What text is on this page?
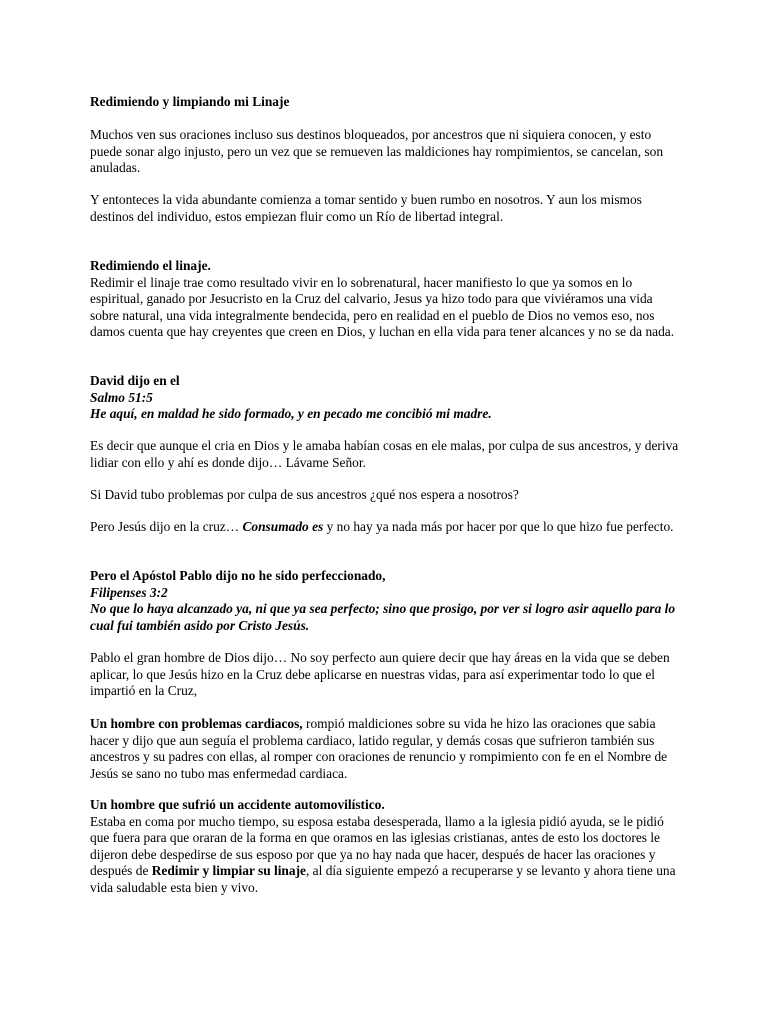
Redimiendo y limpiando mi Linaje

Muchos ven sus oraciones incluso sus destinos bloqueados, por ancestros que ni siquiera conocen, y esto puede sonar algo injusto, pero un vez que se remueven las maldiciones hay rompimientos, se cancelan, son anuladas.

Y entonteces la vida abundante comienza a tomar sentido y buen rumbo en nosotros. Y aun los mismos destinos del individuo, estos empiezan fluir como un Río de libertad integral.

Redimiendo el linaje.
Redimir el linaje trae como resultado vivir en lo sobrenatural, hacer manifiesto lo que ya somos en lo espiritual, ganado por Jesucristo en la Cruz del calvario, Jesus ya hizo todo para que viviéramos una vida sobre natural, una vida integralmente bendecida, pero en realidad en el pueblo de Dios no vemos eso, nos damos cuenta que hay creyentes que creen en Dios, y luchan en ella vida para tener alcances y no se da nada.
David dijo en el
Salmo 51:5
He aquí, en maldad he sido formado, y en pecado me concibió mi madre.

Es decir que aunque el cria en Dios y le amaba habían cosas en ele malas, por culpa de sus ancestros, y deriva lidiar con ello y ahí es donde dijo… Lávame Señor.

Si David tubo problemas por culpa de sus ancestros ¿qué nos espera a nosotros?

Pero Jesús dijo en la cruz… Consumado es y no hay ya nada más por hacer por que lo que hizo fue perfecto.

Pero el Apóstol Pablo dijo no he sido perfeccionado,
Filipenses 3:2
No que lo haya alcanzado ya, ni que ya sea perfecto; sino que prosigo, por ver si logro asir aquello para lo cual fui también asido por Cristo Jesús.

Pablo el gran hombre de Dios dijo… No soy perfecto aun quiere decir que hay áreas en la vida que se deben aplicar, lo que Jesús hizo en la Cruz debe aplicarse en nuestras vidas, para así experimentar todo lo que el impartió en la Cruz,

Un hombre con problemas cardiacos, rompió maldiciones sobre su vida he hizo las oraciones que sabia hacer y dijo que aun seguía el problema cardiaco, latido regular, y demás cosas que sufrieron también sus ancestros y su padres con ellas, al romper con oraciones de renuncio y rompimiento con fe en el Nombre de Jesús se sano no tubo mas enfermedad cardiaca.

Un hombre que sufrió un accidente automovilístico.
Estaba en coma por mucho tiempo, su esposa estaba desesperada, llamo a la iglesia pidió ayuda, se le pidió que fuera para que oraran de la forma en que oramos en las iglesias cristianas, antes de esto los doctores le dijeron debe despedirse de sus esposo por que ya no hay nada que hacer, después de hacer las oraciones y después de Redimir y limpiar su linaje, al día siguiente empezó a recuperarse y se levanto y ahora tiene una vida saludable esta bien y vivo.
